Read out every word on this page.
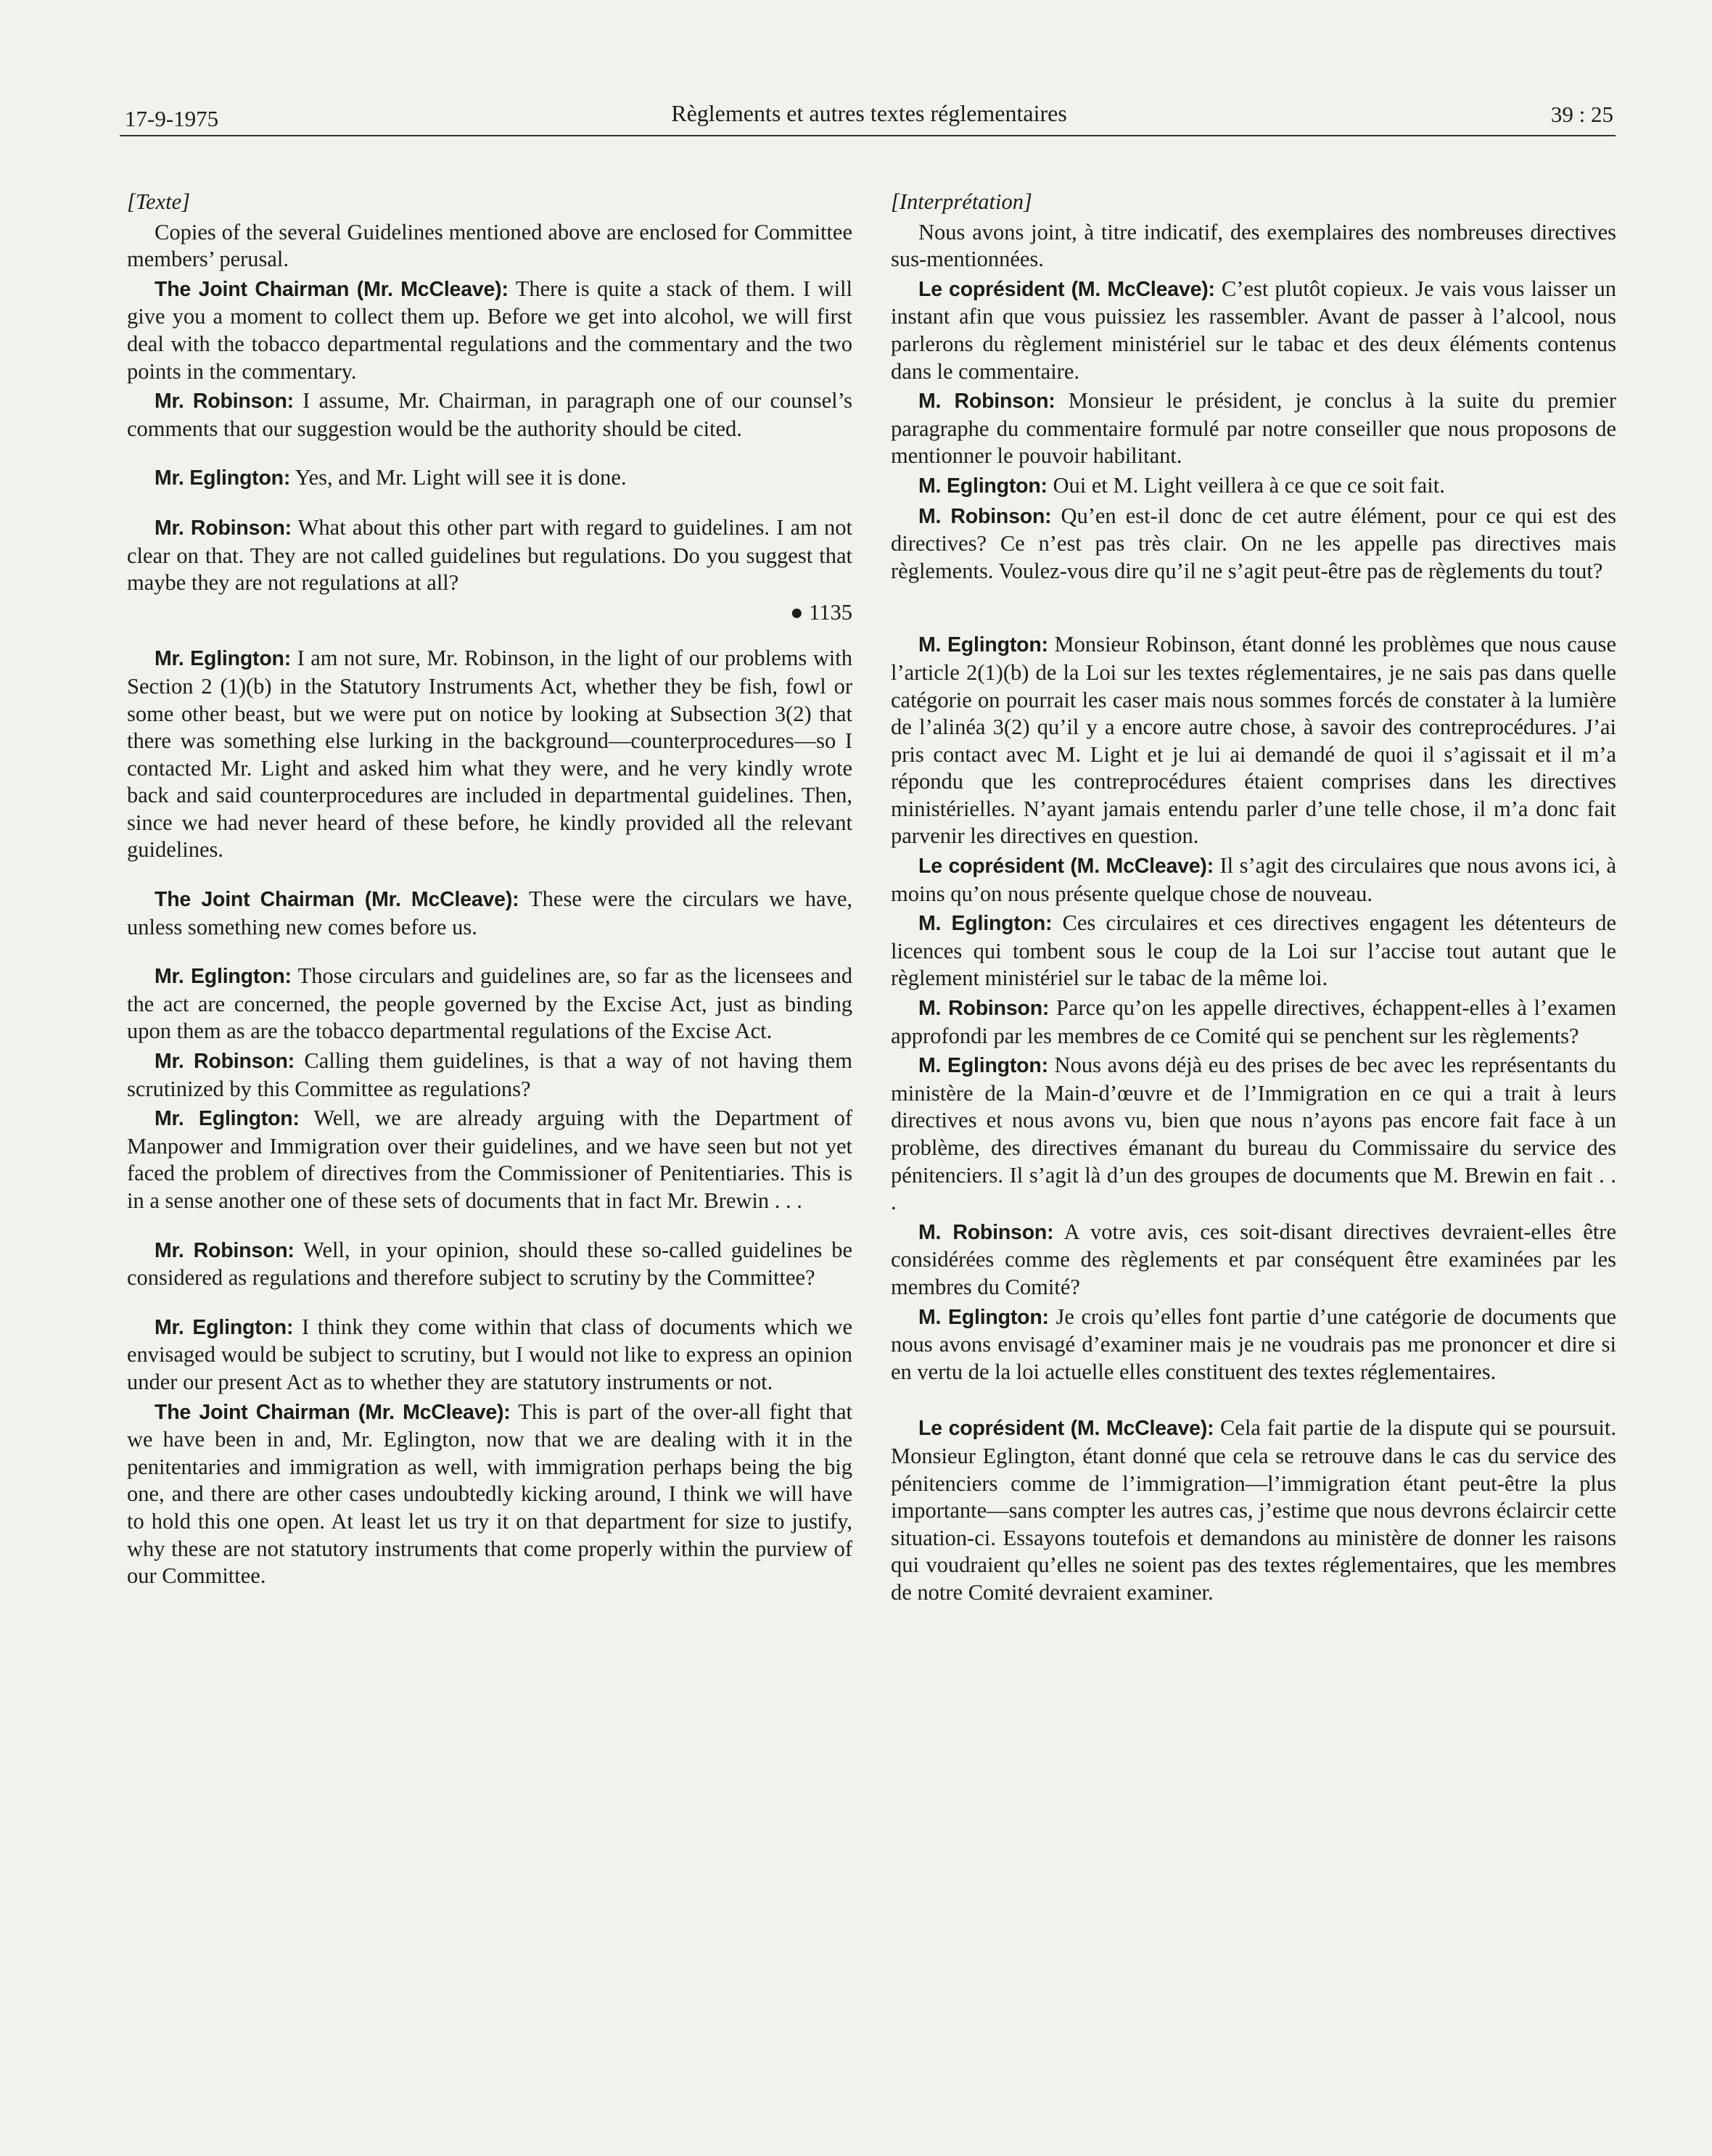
17-9-1975	Règlements et autres textes réglementaires	39 : 25
[Texte]

Copies of the several Guidelines mentioned above are enclosed for Committee members’ perusal.

The Joint Chairman (Mr. McCleave): There is quite a stack of them. I will give you a moment to collect them up. Before we get into alcohol, we will first deal with the tobacco departmental regulations and the commentary and the two points in the commentary.

Mr. Robinson: I assume, Mr. Chairman, in paragraph one of our counsel’s comments that our suggestion would be the authority should be cited.

Mr. Eglington: Yes, and Mr. Light will see it is done.

Mr. Robinson: What about this other part with regard to guidelines. I am not clear on that. They are not called guidelines but regulations. Do you suggest that maybe they are not regulations at all?

● 1135

Mr. Eglington: I am not sure, Mr. Robinson, in the light of our problems with Section 2 (1)(b) in the Statutory Instruments Act, whether they be fish, fowl or some other beast, but we were put on notice by looking at Subsection 3(2) that there was something else lurking in the background—counterprocedures—so I contacted Mr. Light and asked him what they were, and he very kindly wrote back and said counterprocedures are included in departmental guidelines. Then, since we had never heard of these before, he kindly provided all the relevant guidelines.

The Joint Chairman (Mr. McCleave): These were the circulars we have, unless something new comes before us.

Mr. Eglington: Those circulars and guidelines are, so far as the licensees and the act are concerned, the people governed by the Excise Act, just as binding upon them as are the tobacco departmental regulations of the Excise Act.

Mr. Robinson: Calling them guidelines, is that a way of not having them scrutinized by this Committee as regulations?

Mr. Eglington: Well, we are already arguing with the Department of Manpower and Immigration over their guidelines, and we have seen but not yet faced the problem of directives from the Commissioner of Penitentiaries. This is in a sense another one of these sets of documents that in fact Mr. Brewin . . .

Mr. Robinson: Well, in your opinion, should these so-called guidelines be considered as regulations and therefore subject to scrutiny by the Committee?

Mr. Eglington: I think they come within that class of documents which we envisaged would be subject to scrutiny, but I would not like to express an opinion under our present Act as to whether they are statutory instruments or not.

The Joint Chairman (Mr. McCleave): This is part of the over-all fight that we have been in and, Mr. Eglington, now that we are dealing with it in the penitentaries and immigration as well, with immigration perhaps being the big one, and there are other cases undoubtedly kicking around, I think we will have to hold this one open. At least let us try it on that department for size to justify, why these are not statutory instruments that come properly within the purview of our Committee.

[Interprétation]

Nous avons joint, à titre indicatif, des exemplaires des nombreuses directives sus-mentionnées.

Le coprésident (M. McCleave): C’est plutôt copieux. Je vais vous laisser un instant afin que vous puissiez les rassembler. Avant de passer à l’alcool, nous parlerons du règlement ministériel sur le tabac et des deux éléments contenus dans le commentaire.

M. Robinson: Monsieur le président, je conclus à la suite du premier paragraphe du commentaire formulé par notre conseiller que nous proposons de mentionner le pouvoir habilitant.

M. Eglington: Oui et M. Light veillera à ce que ce soit fait.

M. Robinson: Qu’en est-il donc de cet autre élément, pour ce qui est des directives? Ce n’est pas très clair. On ne les appelle pas directives mais règlements. Voulez-vous dire qu’il ne s’agit peut-être pas de règlements du tout?

M. Eglington: Monsieur Robinson, étant donné les problèmes que nous cause l’article 2(1)(b) de la Loi sur les textes réglementaires, je ne sais pas dans quelle catégorie on pourrait les caser mais nous sommes forcés de constater à la lumière de l’alinéa 3(2) qu’il y a encore autre chose, à savoir des contreprocédures. J’ai pris contact avec M. Light et je lui ai demandé de quoi il s’agissait et il m’a répondu que les contreprocédures étaient comprises dans les directives ministérielles. N’ayant jamais entendu parler d’une telle chose, il m’a donc fait parvenir les directives en question.

Le coprésident (M. McCleave): Il s’agit des circulaires que nous avons ici, à moins qu’on nous présente quelque chose de nouveau.

M. Eglington: Ces circulaires et ces directives engagent les détenteurs de licences qui tombent sous le coup de la Loi sur l’accise tout autant que le règlement ministériel sur le tabac de la même loi.

M. Robinson: Parce qu’on les appelle directives, échappent-elles à l’examen approfondi par les membres de ce Comité qui se penchent sur les règlements?

M. Eglington: Nous avons déjà eu des prises de bec avec les représentants du ministère de la Main-d’œuvre et de l’Immigration en ce qui a trait à leurs directives et nous avons vu, bien que nous n’ayons pas encore fait face à un problème, des directives émanant du bureau du Commissaire du service des pénitenciers. Il s’agit là d’un des groupes de documents que M. Brewin en fait . . .

M. Robinson: A votre avis, ces soit-disant directives devraient-elles être considérées comme des règlements et par conséquent être examinées par les membres du Comité?

M. Eglington: Je crois qu’elles font partie d’une catégorie de documents que nous avons envisagé d’examiner mais je ne voudrais pas me prononcer et dire si en vertu de la loi actuelle elles constituent des textes réglementaires.

Le coprésident (M. McCleave): Cela fait partie de la dispute qui se poursuit. Monsieur Eglington, étant donné que cela se retrouve dans le cas du service des pénitenciers comme de l’immigration—l’immigration étant peut-être la plus importante—sans compter les autres cas, j’estime que nous devrons éclaircir cette situation-ci. Essayons toutefois et demandons au ministère de donner les raisons qui voudraient qu’elles ne soient pas des textes réglementaires, que les membres de notre Comité devraient examiner.
